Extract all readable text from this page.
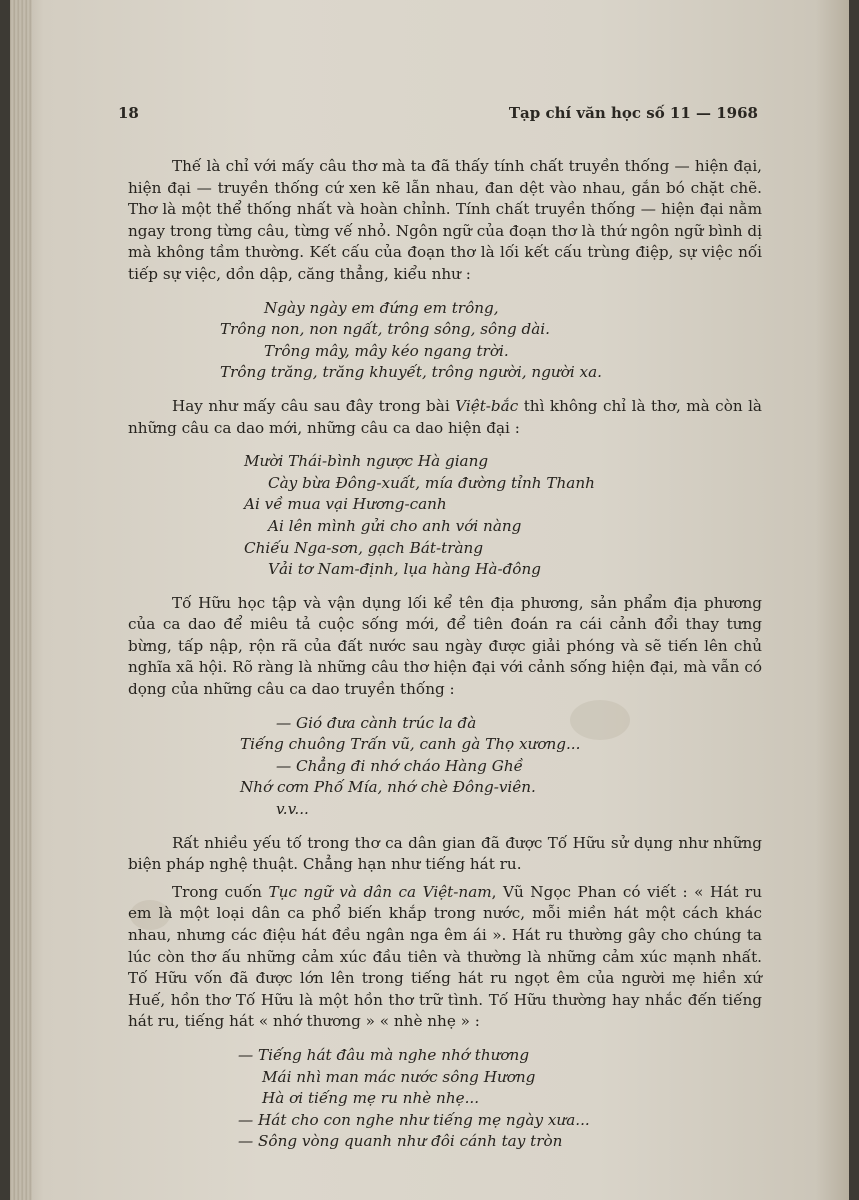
18	Tạp chí văn học số 11 — 1968

Thế là chỉ với mấy câu thơ mà ta đã thấy tính chất truyền thống — hiện đại, hiện đại — truyền thống cứ xen kẽ lẫn nhau, đan dệt vào nhau, gắn bó chặt chẽ. Thơ là một thể thống nhất và hoàn chỉnh. Tính chất truyền thống — hiện đại nằm ngay trong từng câu, từng vế nhỏ. Ngôn ngữ của đoạn thơ là thứ ngôn ngữ bình dị mà không tầm thường. Kết cấu của đoạn thơ là lối kết cấu trùng điệp, sự việc nối tiếp sự việc, dồn dập, căng thẳng, kiểu như :

Ngày ngày em đứng em trông,
Trông non, non ngất, trông sông, sông dài.
Trông mây, mây kéo ngang trời.
Trông trăng, trăng khuyết, trông người, người xa.

Hay như mấy câu sau đây trong bài Việt-bắc thì không chỉ là thơ, mà còn là những câu ca dao mới, những câu ca dao hiện đại :

Mười Thái-bình ngược Hà giang
Cày bừa Đông-xuất, mía đường tỉnh Thanh
Ai về mua vại Hương-canh
Ai lên mình gửi cho anh với nàng
Chiếu Nga-sơn, gạch Bát-tràng
Vải tơ Nam-định, lụa hàng Hà-đông

Tố Hữu học tập và vận dụng lối kể tên địa phương, sản phẩm địa phương của ca dao để miêu tả cuộc sống mới, để tiên đoán ra cái cảnh đổi thay tưng bừng, tấp nập, rộn rã của đất nước sau ngày được giải phóng và sẽ tiến lên chủ nghĩa xã hội. Rõ ràng là những câu thơ hiện đại với cảnh sống hiện đại, mà vẫn có dọng của những câu ca dao truyền thống :

— Gió đưa cành trúc la đà
Tiếng chuông Trấn vũ, canh gà Thọ xương...
— Chẳng đi nhớ cháo Hàng Ghề
Nhớ cơm Phố Mía, nhớ chè Đông-viên.
v.v...

Rất nhiều yếu tố trong thơ ca dân gian đã được Tố Hữu sử dụng như những biện pháp nghệ thuật. Chẳng hạn như tiếng hát ru.

Trong cuốn Tục ngữ và dân ca Việt-nam, Vũ Ngọc Phan có viết : « Hát ru em là một loại dân ca phổ biến khắp trong nước, mỗi miền hát một cách khác nhau, nhưng các điệu hát đều ngân nga êm ái ». Hát ru thường gây cho chúng ta lúc còn thơ ấu những cảm xúc đầu tiên và thường là những cảm xúc mạnh nhất. Tố Hữu vốn đã được lớn lên trong tiếng hát ru ngọt êm của người mẹ hiền xứ Huế, hồn thơ Tố Hữu là một hồn thơ trữ tình. Tố Hữu thường hay nhắc đến tiếng hát ru, tiếng hát « nhớ thương » « nhè nhẹ » :

— Tiếng hát đâu mà nghe nhớ thương
Mái nhì man mác nước sông Hương
Hà ơi tiếng mẹ ru nhè nhẹ...
— Hát cho con nghe như tiếng mẹ ngày xưa...
— Sông vòng quanh như đôi cánh tay tròn
